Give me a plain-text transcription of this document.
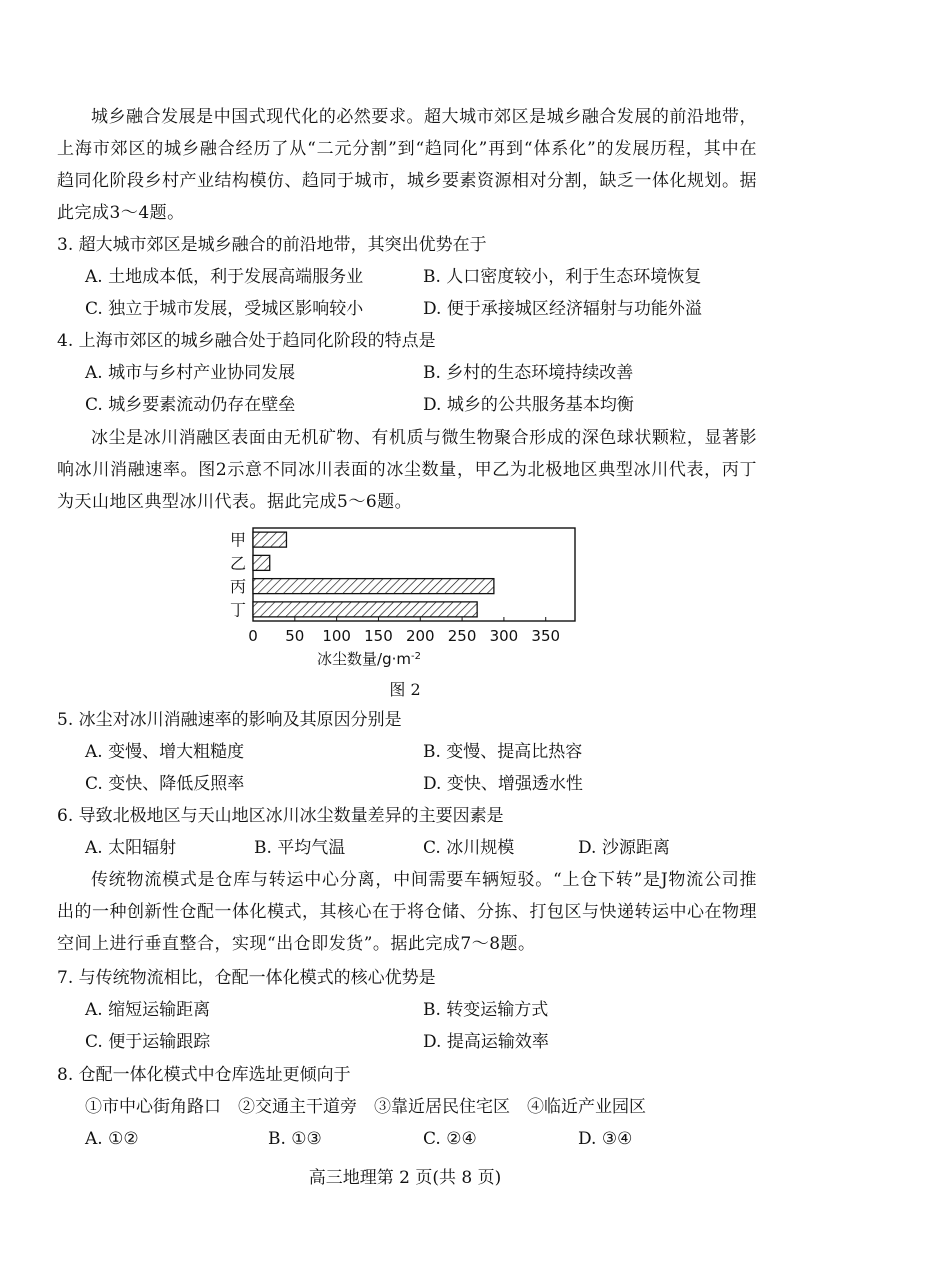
城乡融合发展是中国式现代化的必然要求。超大城市郊区是城乡融合发展的前沿地带，上海市郊区的城乡融合经历了从“二元分割”到“趋同化”再到“体系化”的发展历程，其中在趋同化阶段乡村产业结构模仿、趋同于城市，城乡要素资源相对分割，缺乏一体化规划。据此完成3～4题。

3. 超大城市郊区是城乡融合的前沿地带，其突出优势在于
A. 土地成本低，利于发展高端服务业	B. 人口密度较小，利于生态环境恢复
C. 独立于城市发展，受城区影响较小	D. 便于承接城区经济辐射与功能外溢
4. 上海市郊区的城乡融合处于趋同化阶段的特点是
A. 城市与乡村产业协同发展	B. 乡村的生态环境持续改善
C. 城乡要素流动仍存在壁垒	D. 城乡的公共服务基本均衡

冰尘是冰川消融区表面由无机矿物、有机质与微生物聚合形成的深色球状颗粒，显著影响冰川消融速率。图2示意不同冰川表面的冰尘数量，甲乙为北极地区典型冰川代表，丙丁为天山地区典型冰川代表。据此完成5～6题。

甲
乙
丙
丁
0 50 100 150 200 250 300 350
冰尘数量$/g\cdot m^{-2}$
图 2
5. 冰尘对冰川消融速率的影响及其原因分别是
A. 变慢、增大粗糙度	B. 变慢、提高比热容
C. 变快、降低反照率	D. 变快、增强透水性
6. 导致北极地区与天山地区冰川冰尘数量差异的主要因素是
A. 太阳辐射	B. 平均气温	C. 冰川规模	D. 沙源距离

传统物流模式是仓库与转运中心分离，中间需要车辆短驳。“上仓下转”是J物流公司推出的一种创新性仓配一体化模式，其核心在于将仓储、分拣、打包区与快递转运中心在物理空间上进行垂直整合，实现“出仓即发货”。据此完成7～8题。

7. 与传统物流相比，仓配一体化模式的核心优势是
A. 缩短运输距离	B. 转变运输方式
C. 便于运输跟踪	D. 提高运输效率
8. 仓配一体化模式中仓库选址更倾向于
①市中心街角路口　②交通主干道旁　③靠近居民住宅区　④临近产业园区
A. ①②	B. ①③	C. ②④	D. ③④
高三地理第 2 页(共 8 页)
